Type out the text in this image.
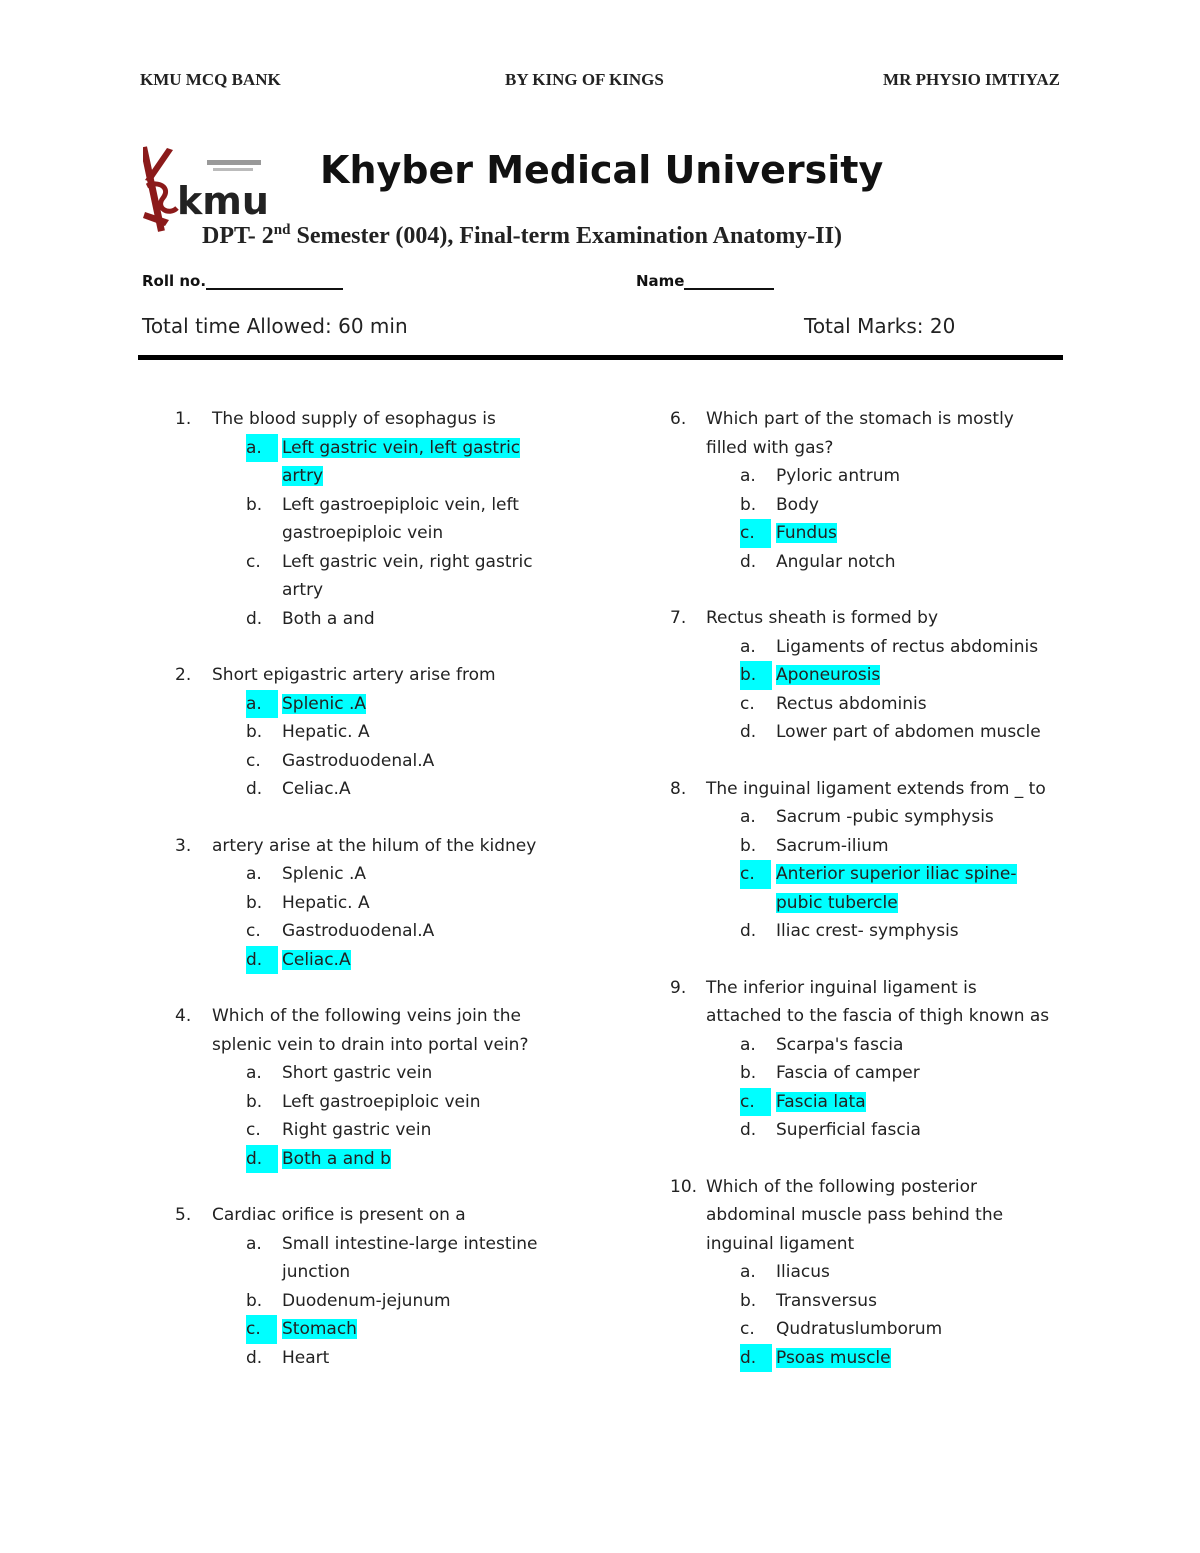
KMU MCQ BANK	BY KING OF KINGS	MR PHYSIO IMTIYAZ
kmu
Khyber Medical University
DPT- 2nd Semester (004), Final-term Examination Anatomy-II)
Roll no.	Name
Total time Allowed: 60 min	Total Marks: 20
1. The blood supply of esophagus is
a.	Left gastric vein, left gastric
artry
b. Left gastroepiploic vein, left
gastroepiploic vein
c. Left gastric vein, right gastric
artry
d. Both a and
2. Short epigastric artery arise from
a.	Splenic .A
b. Hepatic. A
c. Gastroduodenal.A
d. Celiac.A
3. artery arise at the hilum of the kidney
a. Splenic .A
b. Hepatic. A
c. Gastroduodenal.A
d.	Celiac.A
4. Which of the following veins join the
splenic vein to drain into portal vein?
a. Short gastric vein
b. Left gastroepiploic vein
c. Right gastric vein
d.	Both a and b
5. Cardiac orifice is present on a
a. Small intestine-large intestine
junction
b. Duodenum-jejunum
c.	Stomach
d. Heart
6. Which part of the stomach is mostly
filled with gas?
a. Pyloric antrum
b. Body
c.	Fundus
d. Angular notch
7. Rectus sheath is formed by
a. Ligaments of rectus abdominis
b.	Aponeurosis
c. Rectus abdominis
d. Lower part of abdomen muscle
8. The inguinal ligament extends from _ to
a. Sacrum -pubic symphysis
b. Sacrum-ilium
c.	Anterior superior iliac spine-
pubic tubercle
d. Iliac crest- symphysis
9. The inferior inguinal ligament is
attached to the fascia of thigh known as
a. Scarpa's fascia
b. Fascia of camper
c.	Fascia lata
d. Superficial fascia
10. Which of the following posterior
abdominal muscle pass behind the
inguinal ligament
a. Iliacus
b. Transversus
c. Qudratuslumborum
d.	Psoas muscle
